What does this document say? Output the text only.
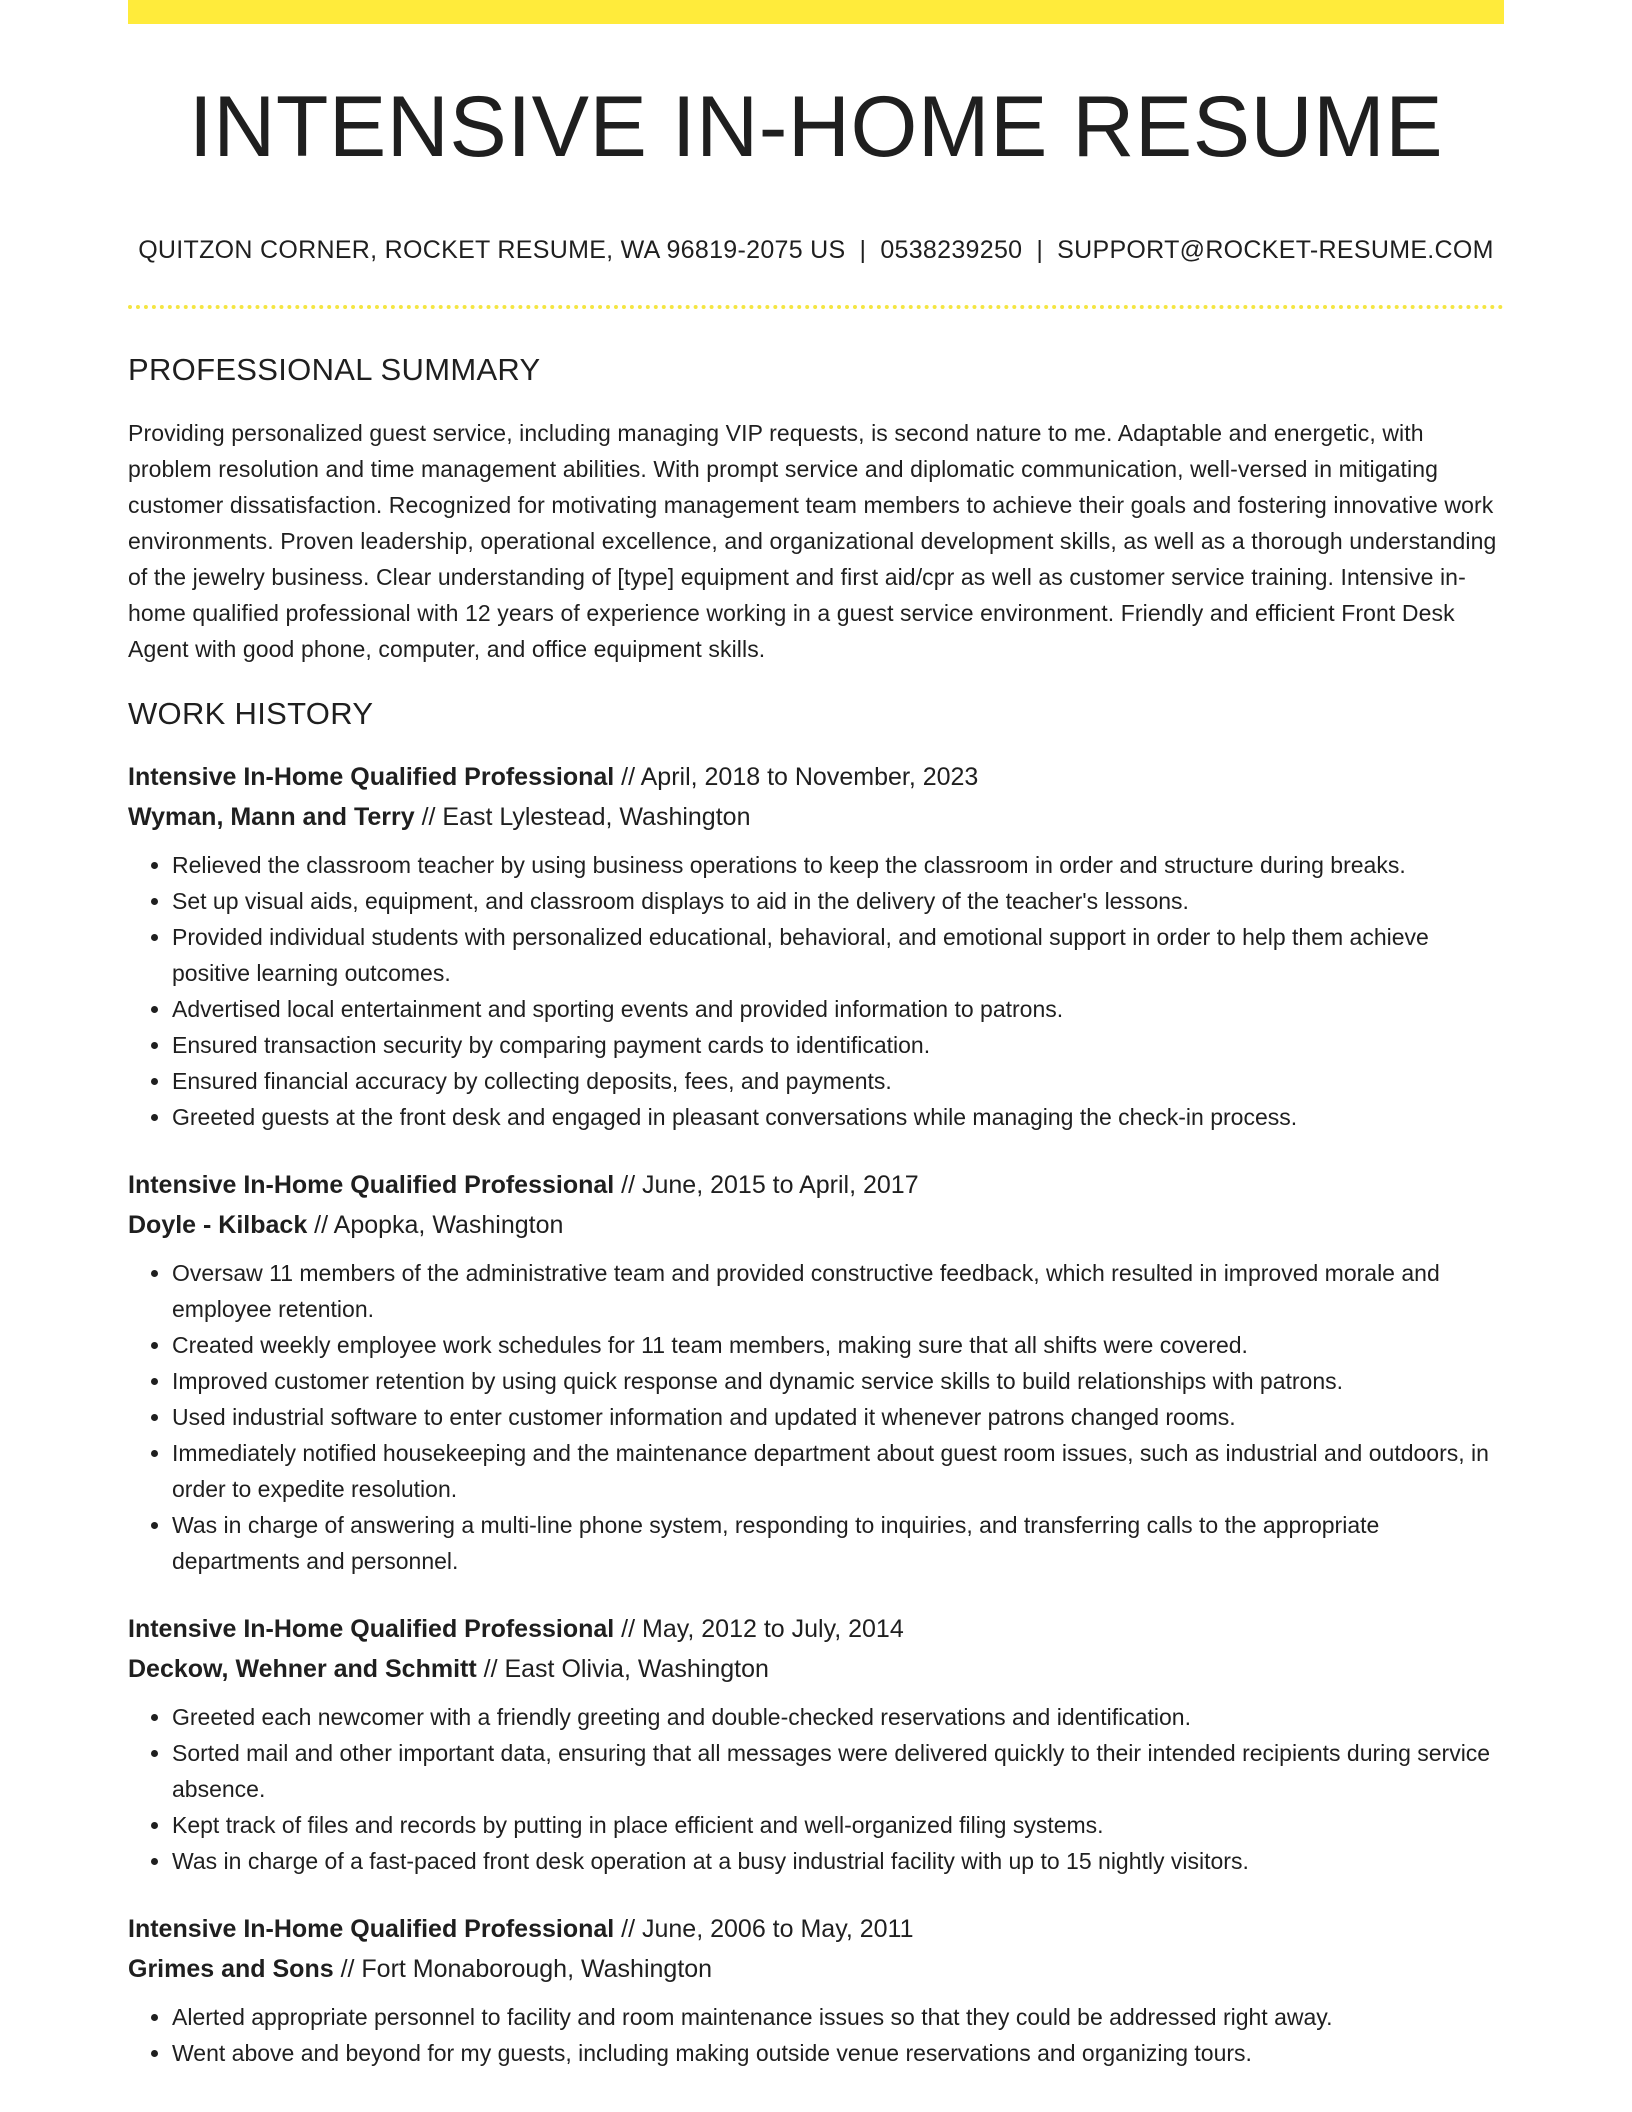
INTENSIVE IN-HOME RESUME
QUITZON CORNER, ROCKET RESUME, WA 96819-2075 US | 0538239250 | SUPPORT@ROCKET-RESUME.COM
PROFESSIONAL SUMMARY

Providing personalized guest service, including managing VIP requests, is second nature to me. Adaptable and energetic, with problem resolution and time management abilities. With prompt service and diplomatic communication, well-versed in mitigating customer dissatisfaction. Recognized for motivating management team members to achieve their goals and fostering innovative work environments. Proven leadership, operational excellence, and organizational development skills, as well as a thorough understanding of the jewelry business. Clear understanding of [type] equipment and first aid/cpr as well as customer service training. Intensive in-home qualified professional with 12 years of experience working in a guest service environment. Friendly and efficient Front Desk Agent with good phone, computer, and office equipment skills.

WORK HISTORY
Intensive In-Home Qualified Professional // April, 2018 to November, 2023
Wyman, Mann and Terry // East Lylestead, Washington
• Relieved the classroom teacher by using business operations to keep the classroom in order and structure during breaks.
• Set up visual aids, equipment, and classroom displays to aid in the delivery of the teacher's lessons.
• Provided individual students with personalized educational, behavioral, and emotional support in order to help them achieve positive learning outcomes.
• Advertised local entertainment and sporting events and provided information to patrons.
• Ensured transaction security by comparing payment cards to identification.
• Ensured financial accuracy by collecting deposits, fees, and payments.
• Greeted guests at the front desk and engaged in pleasant conversations while managing the check-in process.
Intensive In-Home Qualified Professional // June, 2015 to April, 2017
Doyle - Kilback // Apopka, Washington
• Oversaw 11 members of the administrative team and provided constructive feedback, which resulted in improved morale and employee retention.
• Created weekly employee work schedules for 11 team members, making sure that all shifts were covered.
• Improved customer retention by using quick response and dynamic service skills to build relationships with patrons.
• Used industrial software to enter customer information and updated it whenever patrons changed rooms.
• Immediately notified housekeeping and the maintenance department about guest room issues, such as industrial and outdoors, in order to expedite resolution.
• Was in charge of answering a multi-line phone system, responding to inquiries, and transferring calls to the appropriate departments and personnel.
Intensive In-Home Qualified Professional // May, 2012 to July, 2014
Deckow, Wehner and Schmitt // East Olivia, Washington
• Greeted each newcomer with a friendly greeting and double-checked reservations and identification.
• Sorted mail and other important data, ensuring that all messages were delivered quickly to their intended recipients during service absence.
• Kept track of files and records by putting in place efficient and well-organized filing systems.
• Was in charge of a fast-paced front desk operation at a busy industrial facility with up to 15 nightly visitors.
Intensive In-Home Qualified Professional // June, 2006 to May, 2011
Grimes and Sons // Fort Monaborough, Washington
• Alerted appropriate personnel to facility and room maintenance issues so that they could be addressed right away.
• Went above and beyond for my guests, including making outside venue reservations and organizing tours.
